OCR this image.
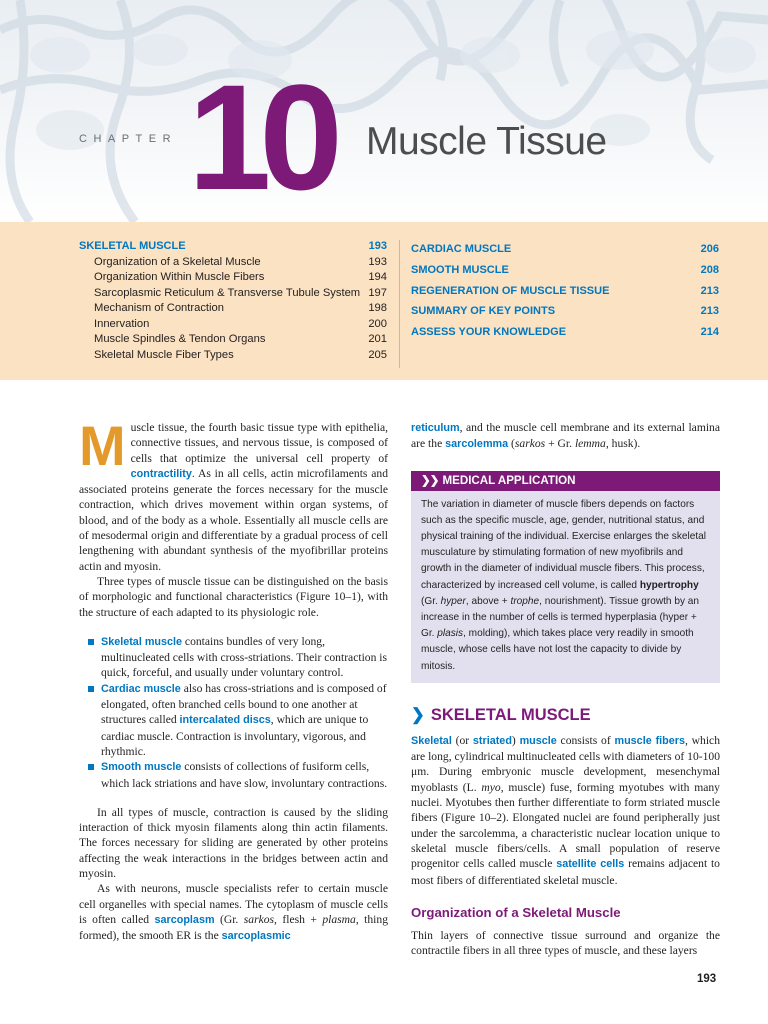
CHAPTER 10 Muscle Tissue
SKELETAL MUSCLE	193
Organization of a Skeletal Muscle	193
Organization Within Muscle Fibers	194
Sarcoplasmic Reticulum & Transverse Tubule System 197
Mechanism of Contraction	198
Innervation	200
Muscle Spindles & Tendon Organs	201
Skeletal Muscle Fiber Types	205
CARDIAC MUSCLE	206
SMOOTH MUSCLE	208
REGENERATION OF MUSCLE TISSUE	213
SUMMARY OF KEY POINTS	213
ASSESS YOUR KNOWLEDGE	214

Muscle tissue, the fourth basic tissue type with epithelia, connective tissues, and nervous tissue, is composed of cells that optimize the universal cell property of contractility. As in all cells, actin microfilaments and associated proteins generate the forces necessary for the muscle contraction, which drives movement within organ systems, of blood, and of the body as a whole. Essentially all muscle cells are of mesodermal origin and differentiate by a gradual process of cell lengthening with abundant synthesis of the myofibrillar proteins actin and myosin.

Three types of muscle tissue can be distinguished on the basis of morphologic and functional characteristics (Figure 10–1), with the structure of each adapted to its physiologic role.

Skeletal muscle contains bundles of very long, multinucleated cells with cross-striations. Their contraction is quick, forceful, and usually under voluntary control.
Cardiac muscle also has cross-striations and is composed of elongated, often branched cells bound to one another at structures called intercalated discs, which are unique to cardiac muscle. Contraction is involuntary, vigorous, and rhythmic.
Smooth muscle consists of collections of fusiform cells, which lack striations and have slow, involuntary contractions.

In all types of muscle, contraction is caused by the sliding interaction of thick myosin filaments along thin actin filaments. The forces necessary for sliding are generated by other proteins affecting the weak interactions in the bridges between actin and myosin.

As with neurons, muscle specialists refer to certain muscle cell organelles with special names. The cytoplasm of muscle cells is often called sarcoplasm (Gr. sarkos, flesh + plasma, thing formed), the smooth ER is the sarcoplasmic

reticulum, and the muscle cell membrane and its external lamina are the sarcolemma (sarkos + Gr. lemma, husk).

❯❯ MEDICAL APPLICATION
The variation in diameter of muscle fibers depends on factors such as the specific muscle, age, gender, nutritional status, and physical training of the individual. Exercise enlarges the skeletal musculature by stimulating formation of new myofibrils and growth in the diameter of individual muscle fibers. This process, characterized by increased cell volume, is called hypertrophy (Gr. hyper, above + trophe, nourishment). Tissue growth by an increase in the number of cells is termed hyperplasia (hyper + Gr. plasis, molding), which takes place very readily in smooth muscle, whose cells have not lost the capacity to divide by mitosis.
❯ SKELETAL MUSCLE

Skeletal (or striated) muscle consists of muscle fibers, which are long, cylindrical multinucleated cells with diameters of 10-100 μm. During embryonic muscle development, mesenchymal myoblasts (L. myo, muscle) fuse, forming myotubes with many nuclei. Myotubes then further differentiate to form striated muscle fibers (Figure 10–2). Elongated nuclei are found peripherally just under the sarcolemma, a characteristic nuclear location unique to skeletal muscle fibers/cells. A small population of reserve progenitor cells called muscle satellite cells remains adjacent to most fibers of differentiated skeletal muscle.

Organization of a Skeletal Muscle

Thin layers of connective tissue surround and organize the contractile fibers in all three types of muscle, and these layers

193
